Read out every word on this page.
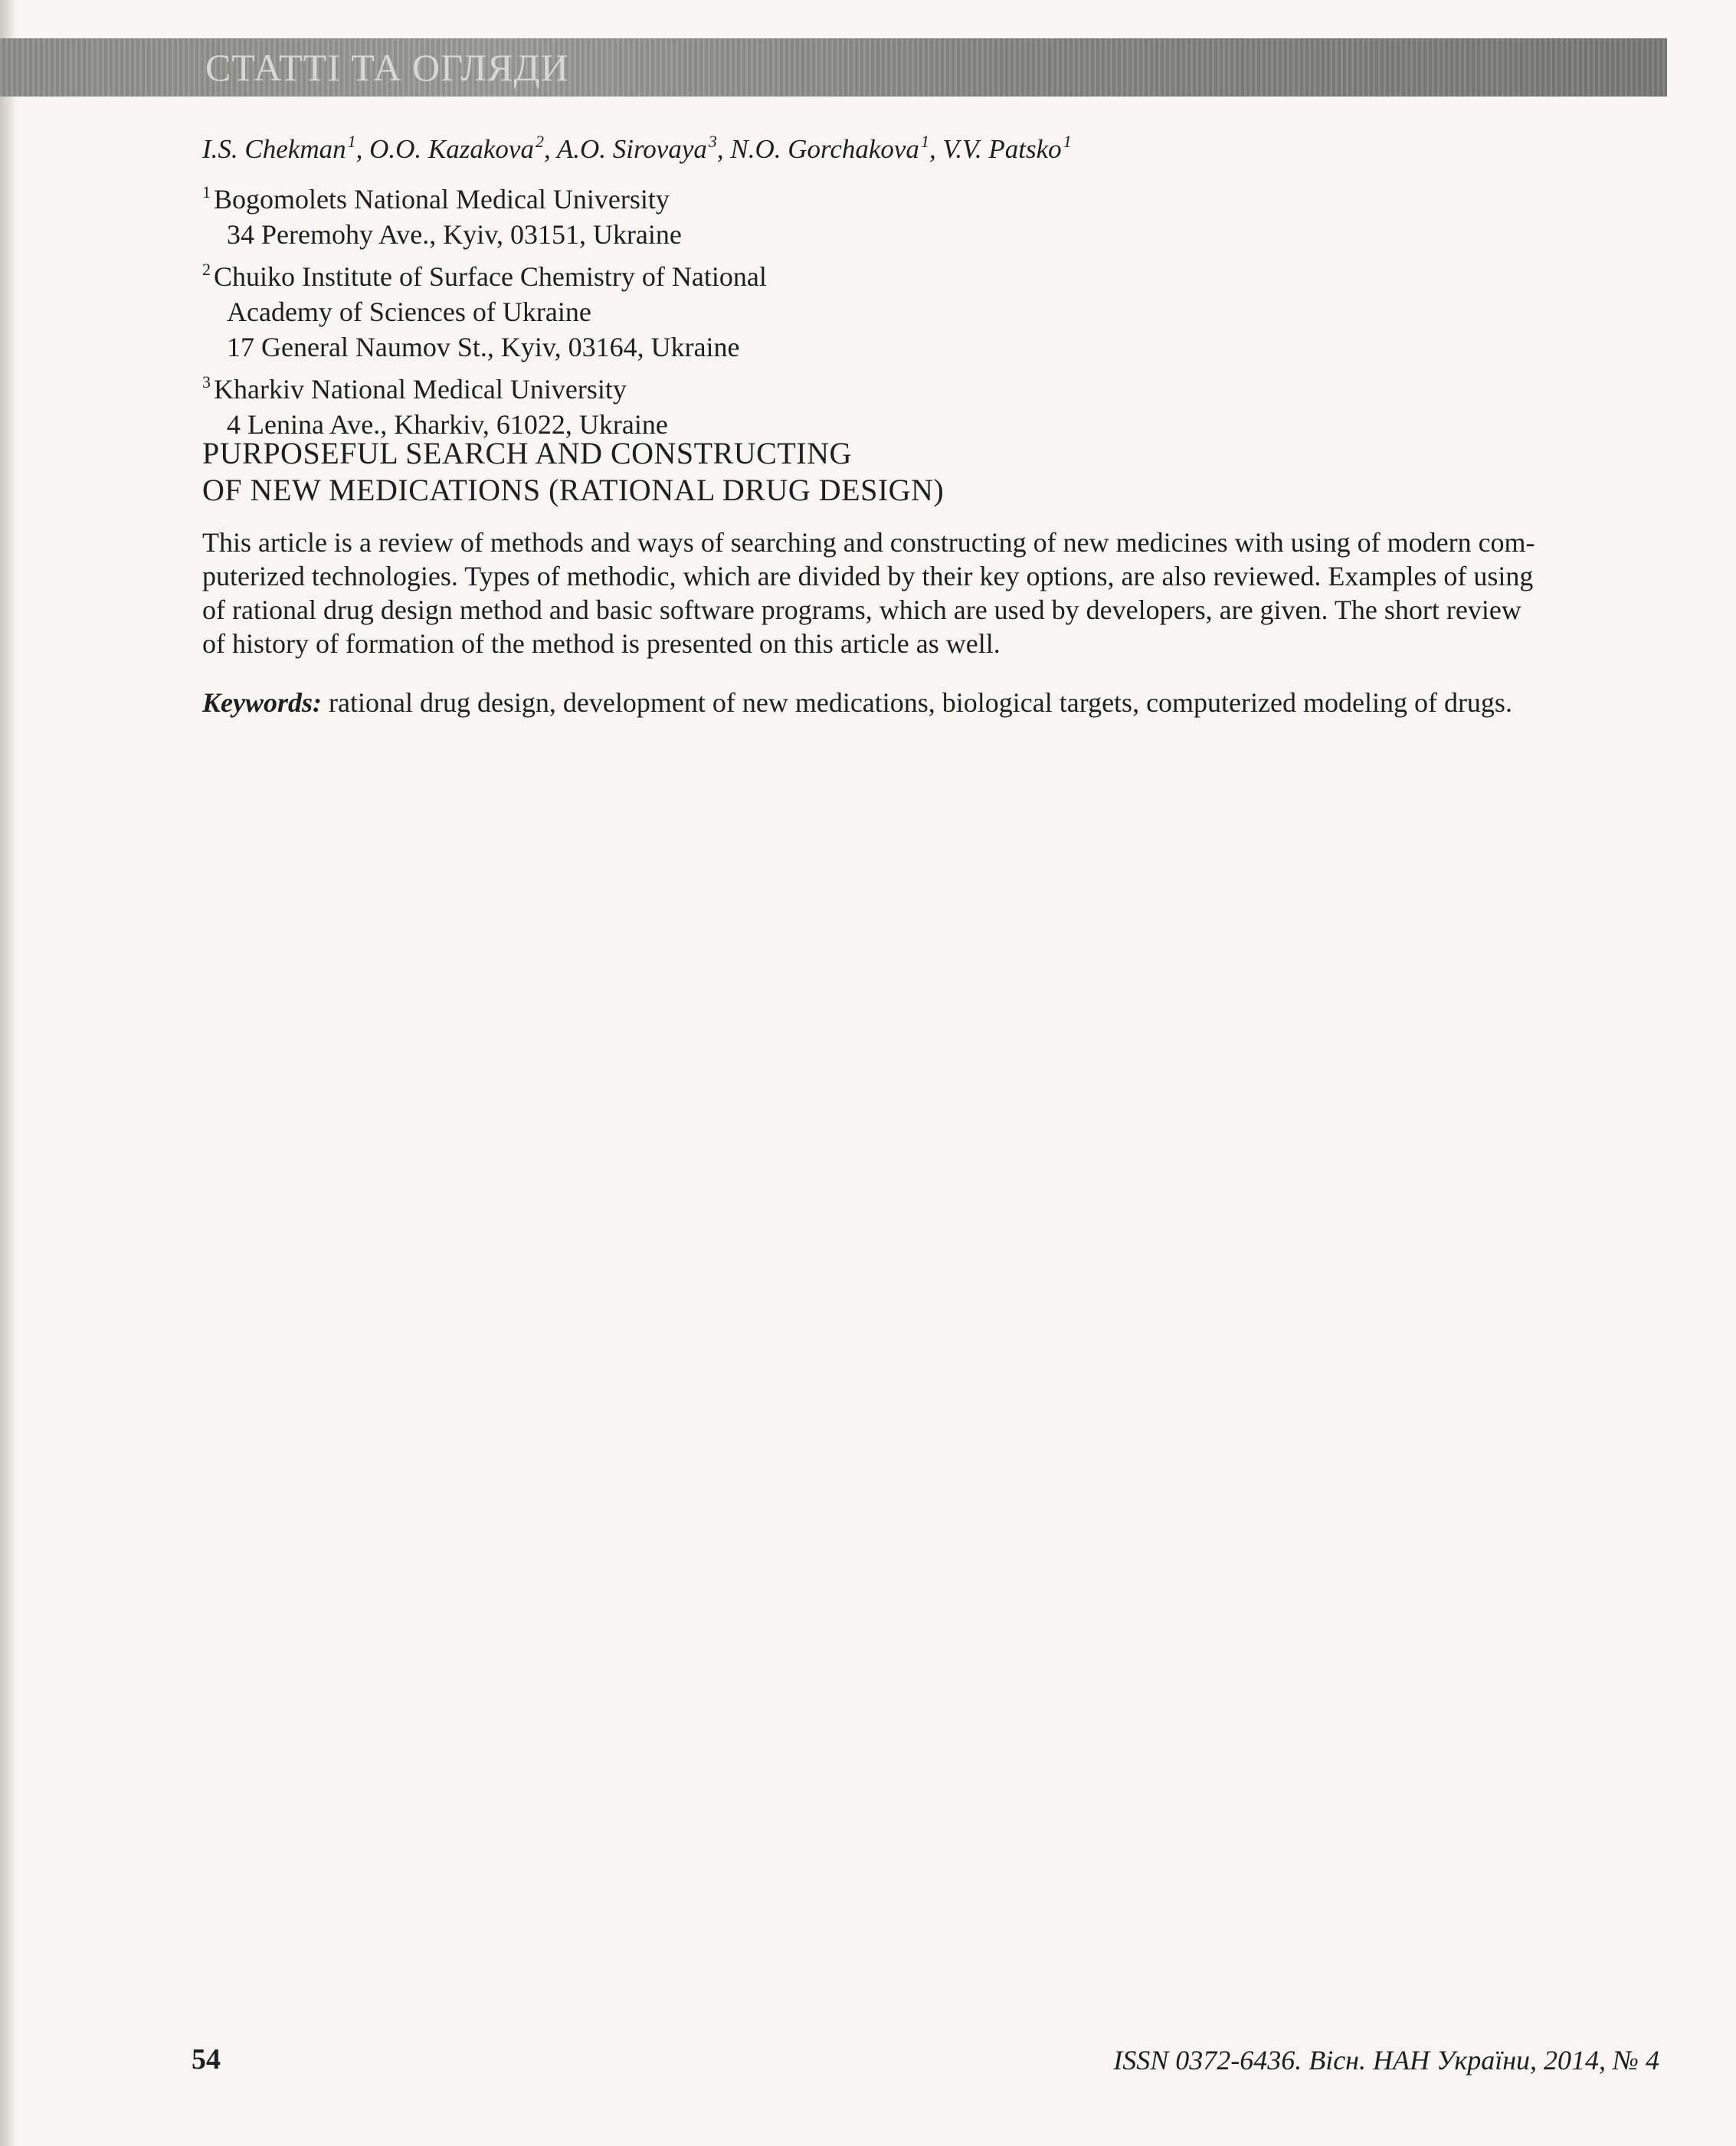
СТАТТІ ТА ОГЛЯДИ
I.S. Chekman$^1$, O.O. Kazakova$^2$, A.O. Sirovaya$^3$, N.O. Gorchakova$^1$, V.V. Patsko$^1$
$^1$ Bogomolets National Medical University
34 Peremohy Ave., Kyiv, 03151, Ukraine
$^2$ Chuiko Institute of Surface Chemistry of National
Academy of Sciences of Ukraine
17 General Naumov St., Kyiv, 03164, Ukraine
$^3$ Kharkiv National Medical University
4 Lenina Ave., Kharkiv, 61022, Ukraine
PURPOSEFUL SEARCH AND CONSTRUCTING
OF NEW MEDICATIONS (RATIONAL DRUG DESIGN)
This article is a review of methods and ways of searching and constructing of new medicines with using of modern com-
puterized technologies. Types of methodic, which are divided by their key options, are also reviewed. Examples of using
of rational drug design method and basic software programs, which are used by developers, are given. The short review
of history of formation of the method is presented on this article as well.
Keywords: rational drug design, development of new medications, biological targets, computerized modeling of drugs.
54	ISSN 0372-6436. Вісн. НАН України, 2014, № 4
